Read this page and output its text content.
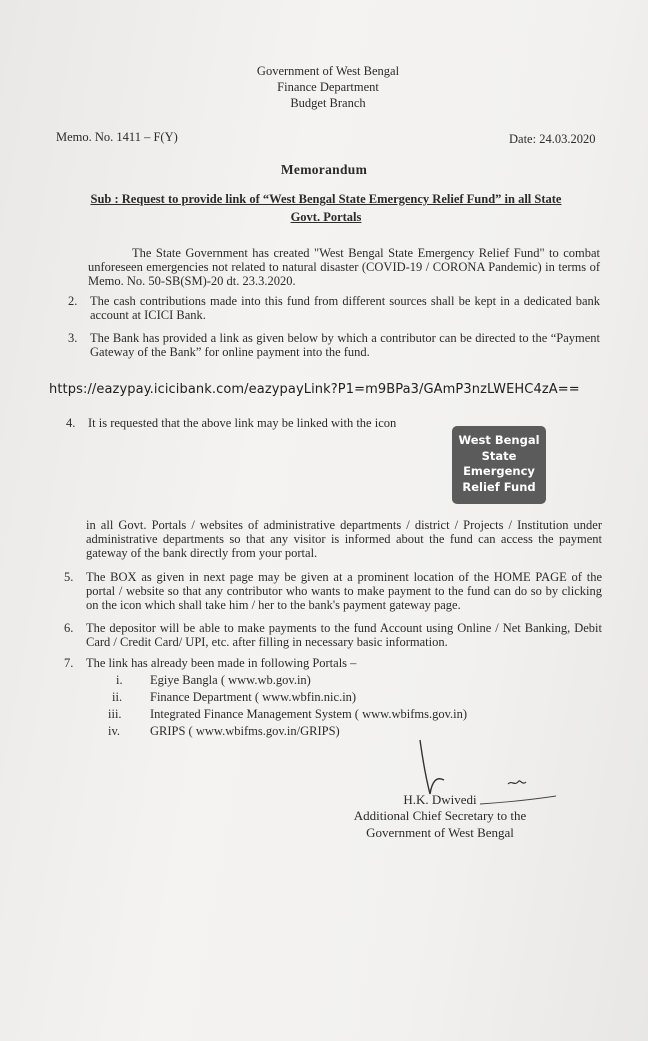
Government of West Bengal
Finance Department
Budget Branch
Memo. No. 1411 – F(Y)	Date: 24.03.2020
Memorandum
Sub : Request to provide link of “West Bengal State Emergency Relief Fund” in all State
Govt. Portals
The State Government has created "West Bengal State Emergency Relief Fund" to combat unforeseen emergencies not related to natural disaster (COVID-19 / CORONA Pandemic) in terms of Memo. No. 50-SB(SM)-20 dt. 23.3.2020.
2. The cash contributions made into this fund from different sources shall be kept in a dedicated bank account at ICICI Bank.
3. The Bank has provided a link as given below by which a contributor can be directed to the “Payment Gateway of the Bank” for online payment into the fund.
https://eazypay.icicibank.com/eazypayLink?P1=m9BPa3/GAmP3nzLWEHC4zA==
4. It is requested that the above link may be linked with the icon
West Bengal
State
Emergency
Relief Fund
in all Govt. Portals / websites of administrative departments / district / Projects / Institution under administrative departments so that any visitor is informed about the fund can access the payment gateway of the bank directly from your portal.
5. The BOX as given in next page may be given at a prominent location of the HOME PAGE of the portal / website so that any contributor who wants to make payment to the fund can do so by clicking on the icon which shall take him / her to the bank's payment gateway page.
6. The depositor will be able to make payments to the fund Account using Online / Net Banking, Debit Card / Credit Card/ UPI, etc. after filling in necessary basic information.
7. The link has already been made in following Portals –
i. Egiye Bangla ( www.wb.gov.in)
ii. Finance Department ( www.wbfin.nic.in)
iii. Integrated Finance Management System ( www.wbifms.gov.in)
iv. GRIPS ( www.wbifms.gov.in/GRIPS)
H.K. Dwivedi
Additional Chief Secretary to the
Government of West Bengal
